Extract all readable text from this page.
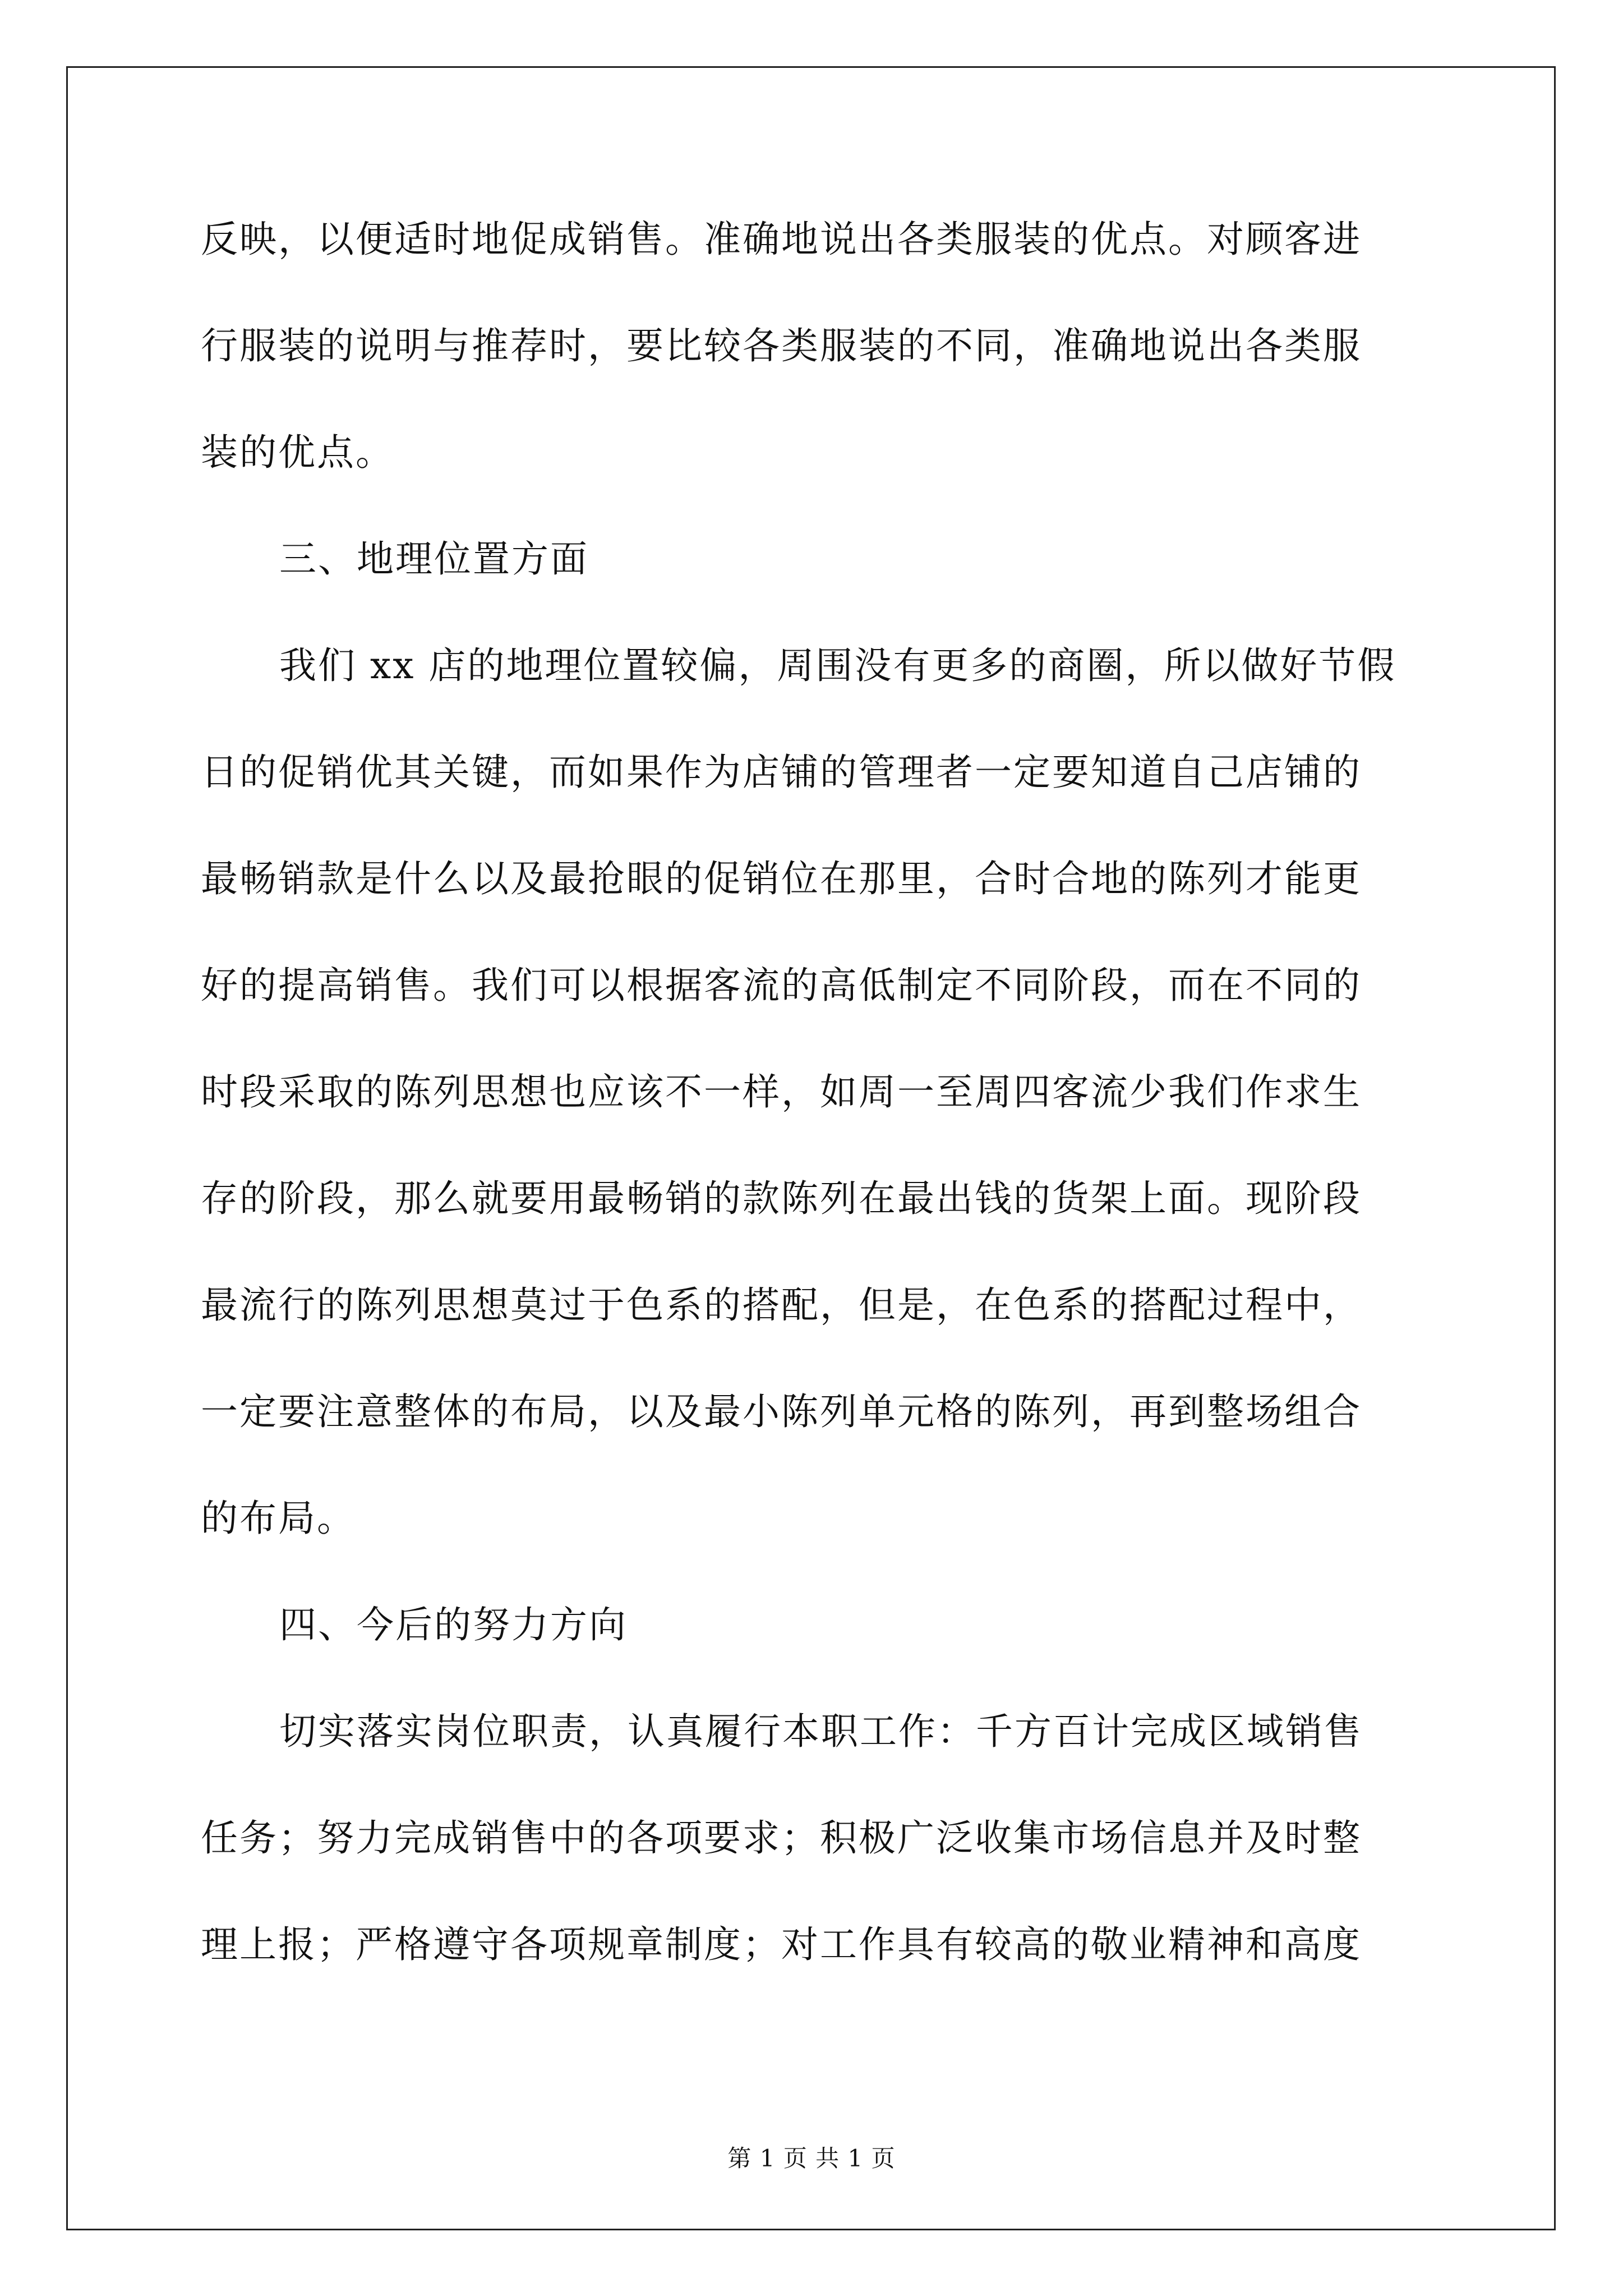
反映，以便适时地促成销售。准确地说出各类服装的优点。对顾客进
行服装的说明与推荐时，要比较各类服装的不同，准确地说出各类服
装的优点。
三、地理位置方面
我们 xx 店的地理位置较偏，周围没有更多的商圈，所以做好节假
日的促销优其关键，而如果作为店铺的管理者一定要知道自己店铺的
最畅销款是什么以及最抢眼的促销位在那里，合时合地的陈列才能更
好的提高销售。我们可以根据客流的高低制定不同阶段，而在不同的
时段采取的陈列思想也应该不一样，如周一至周四客流少我们作求生
存的阶段，那么就要用最畅销的款陈列在最出钱的货架上面。现阶段
最流行的陈列思想莫过于色系的搭配，但是，在色系的搭配过程中，
一定要注意整体的布局，以及最小陈列单元格的陈列，再到整场组合
的布局。
四、今后的努力方向
切实落实岗位职责，认真履行本职工作：千方百计完成区域销售
任务；努力完成销售中的各项要求；积极广泛收集市场信息并及时整
理上报；严格遵守各项规章制度；对工作具有较高的敬业精神和高度
第 1 页 共 1 页
